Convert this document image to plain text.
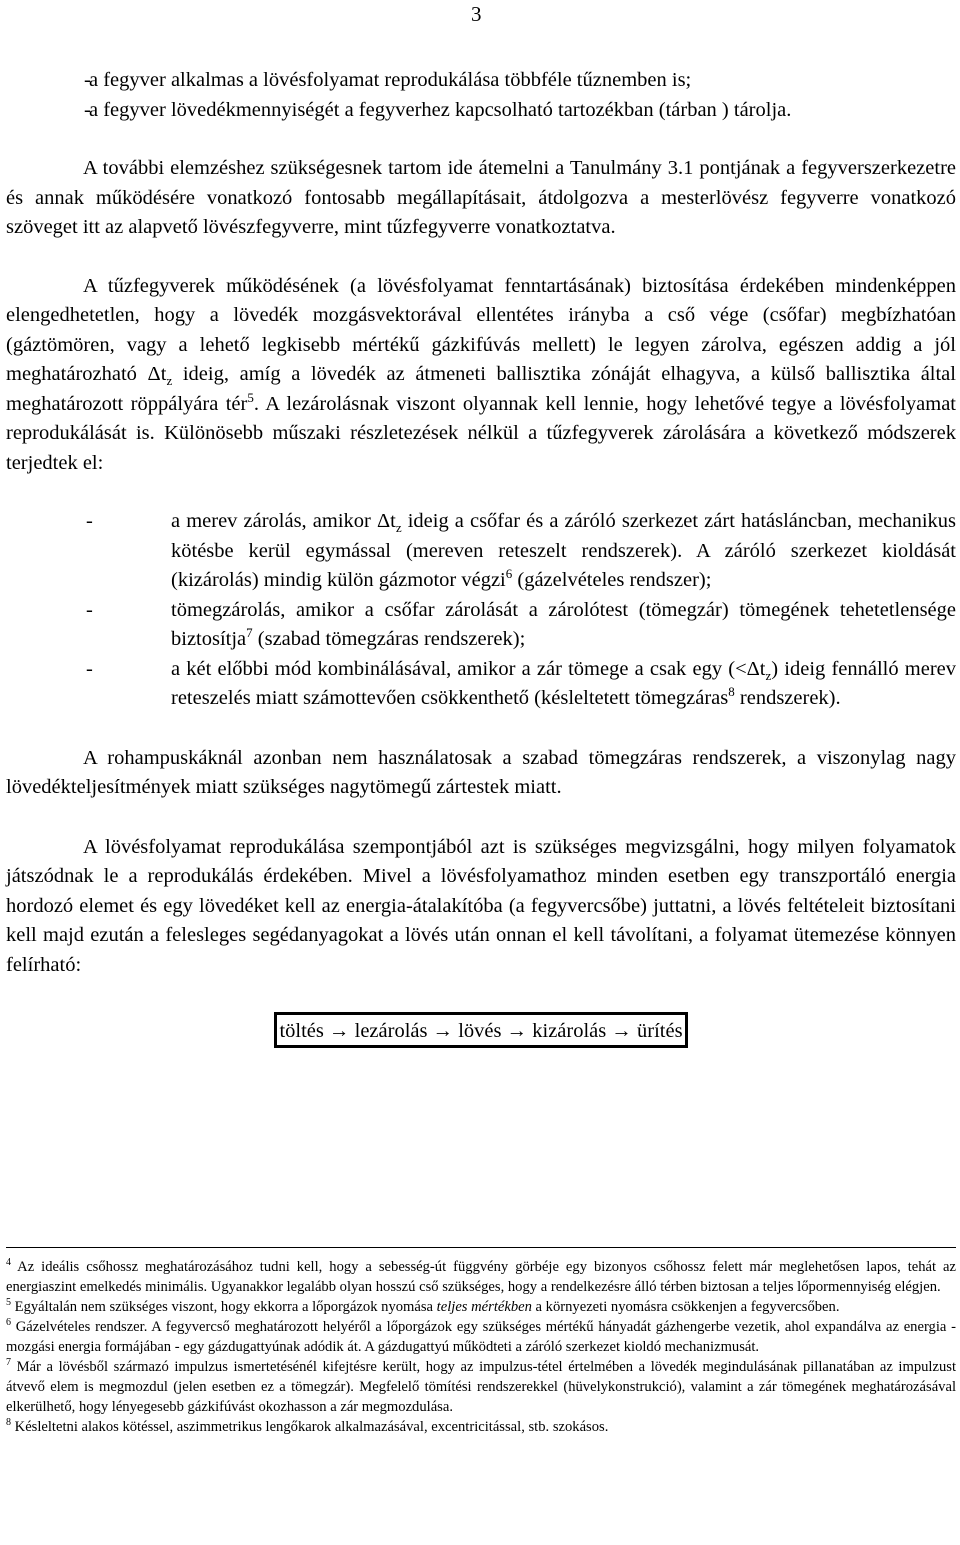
3
-
a fegyver alkalmas a lövésfolyamat reprodukálása többféle tűznemben is;
-
a fegyver lövedékmennyiségét a fegyverhez kapcsolható tartozékban (tárban ) tárolja.

A további elemzéshez szükségesnek tartom ide átemelni a Tanulmány 3.1 pontjának a fegyverszerkezetre és annak működésére vonatkozó fontosabb megállapításait, átdolgozva a mesterlövész fegyverre vonatkozó szöveget itt az alapvető lövészfegyverre, mint tűzfegyverre vonatkoztatva.

A tűzfegyverek működésének (a lövésfolyamat fenntartásának) biztosítása érdekében mindenképpen elengedhetetlen, hogy a lövedék mozgásvektorával ellentétes irányba a cső vége (csőfar) megbízhatóan (gáztömören, vagy a lehető legkisebb mértékű gázkifúvás mellett) le legyen zárolva, egészen addig a jól meghatározható $\Delta t_z$ ideig, amíg a lövedék az átmeneti ballisztika zónáját elhagyva, a külső ballisztika által meghatározott röppályára tér$^5$. A lezárolásnak viszont olyannak kell lennie, hogy lehetővé tegye a lövésfolyamat reprodukálását is. Különösebb műszaki részletezések nélkül a tűzfegyverek zárolására a következő módszerek terjedtek el:

-	a merev zárolás, amikor $\Delta t_z$ ideig a csőfar és a záróló szerkezet zárt hatásláncban, mechanikus kötésbe kerül egymással (mereven reteszelt rendszerek). A záróló szerkezet kioldását (kizárolás) mindig külön gázmotor végzi$^6$ (gázelvételes rendszer);
-	tömegzárolás, amikor a csőfar zárolását a zárolótest (tömegzár) tömegének tehetetlensége biztosítja$^7$ (szabad tömegzáras rendszerek);
-	a két előbbi mód kombinálásával, amikor a zár tömege a csak egy $(<\Delta t_z)$ ideig fennálló merev reteszelés miatt számottevően csökkenthető (késleltetett tömegzáras$^8$ rendszerek).

A rohampuskáknál azonban nem használatosak a szabad tömegzáras rendszerek, a viszonylag nagy lövedékteljesítmények miatt szükséges nagytömegű zártestek miatt.

A lövésfolyamat reprodukálása szempontjából azt is szükséges megvizsgálni, hogy milyen folyamatok játszódnak le a reprodukálás érdekében. Mivel a lövésfolyamathoz minden esetben egy transzportáló energia hordozó elemet és egy lövedéket kell az energia-átalakítóba (a fegyvercsőbe) juttatni, a lövés feltételeit biztosítani kell majd ezután a felesleges segédanyagokat a lövés után onnan el kell távolítani, a folyamat ütemezése könnyen felírható:

töltés → lezárolás → lövés → kizárolás → ürítés

$^4$ Az ideális csőhossz meghatározásához tudni kell, hogy a sebesség-út függvény görbéje egy bizonyos csőhossz felett már meglehetősen lapos, tehát az energiaszint emelkedés minimális. Ugyanakkor legalább olyan hosszú cső szükséges, hogy a rendelkezésre álló térben biztosan a teljes lőpormennyiség elégjen.

$^5$ Egyáltalán nem szükséges viszont, hogy ekkorra a lőporgázok nyomása teljes mértékben a környezeti nyomásra csökkenjen a fegyvercsőben.

$^6$ Gázelvételes rendszer. A fegyvercső meghatározott helyéről a lőporgázok egy szükséges mértékű hányadát gázhengerbe vezetik, ahol expandálva az energia - mozgási energia formájában - egy gázdugattyúnak adódik át. A gázdugattyú működteti a záróló szerkezet kioldó mechanizmusát.

$^7$ Már a lövésből származó impulzus ismertetésénél kifejtésre került, hogy az impulzus-tétel értelmében a lövedék megindulásának pillanatában az impulzust átvevő elem is megmozdul (jelen esetben ez a tömegzár). Megfelelő tömítési rendszerekkel (hüvelykonstrukció), valamint a zár tömegének meghatározásával elkerülhető, hogy lényegesebb gázkifúvást okozhasson a zár megmozdulása.

$^8$ Késleltetni alakos kötéssel, aszimmetrikus lengőkarok alkalmazásával, excentricitással, stb. szokásos.
